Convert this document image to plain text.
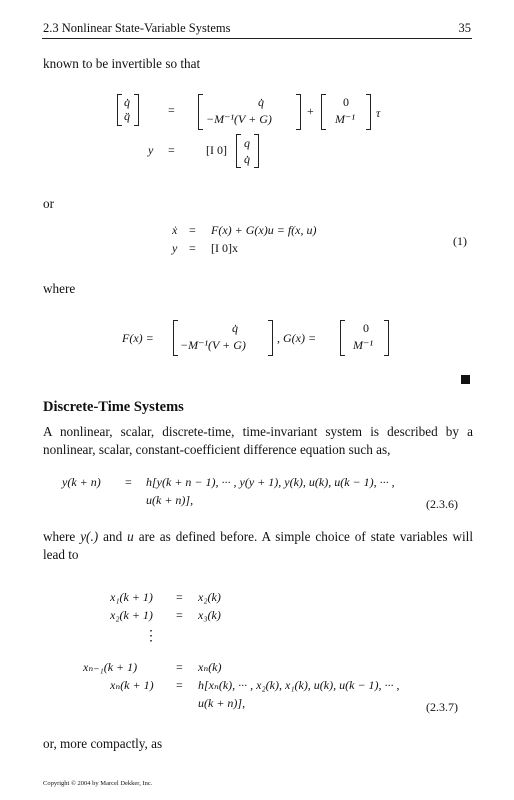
2.3 Nonlinear State-Variable Systems	35
known to be invertible so that
q̇
q̈	=
q̇
−M⁻¹(V + G)
+
0
M⁻¹ τ
y =	[I 0] q
q̇
or
ẋ = F(x) + G(x)u = f(x, u)
y = [I 0]x	(1)
where
F(x) =
q̇
−M⁻¹(V + G)	, G(x) =
0
M⁻¹
Discrete-Time Systems
A nonlinear, scalar, discrete-time, time-invariant system is described by a nonlinear, scalar, constant-coefficient difference equation such as,
y(k + n) = h[y(k + n − 1), ··· , y(y + 1), y(k), u(k), u(k − 1), ··· ,
u(k + n)],	(2.3.6)
where y(.) and u are as defined before. A simple choice of state variables will lead to
x₁(k + 1) = x₂(k)
x₂(k + 1) = x₃(k)
⋮
xₙ₋₁(k + 1)	= xₙ(k)
xₙ(k + 1) = h[xₙ(k), ··· , x₂(k), x₁(k), u(k), u(k − 1), ··· ,
u(k + n)],	(2.3.7)
or, more compactly, as
Copyright © 2004 by Marcel Dekker, Inc.
